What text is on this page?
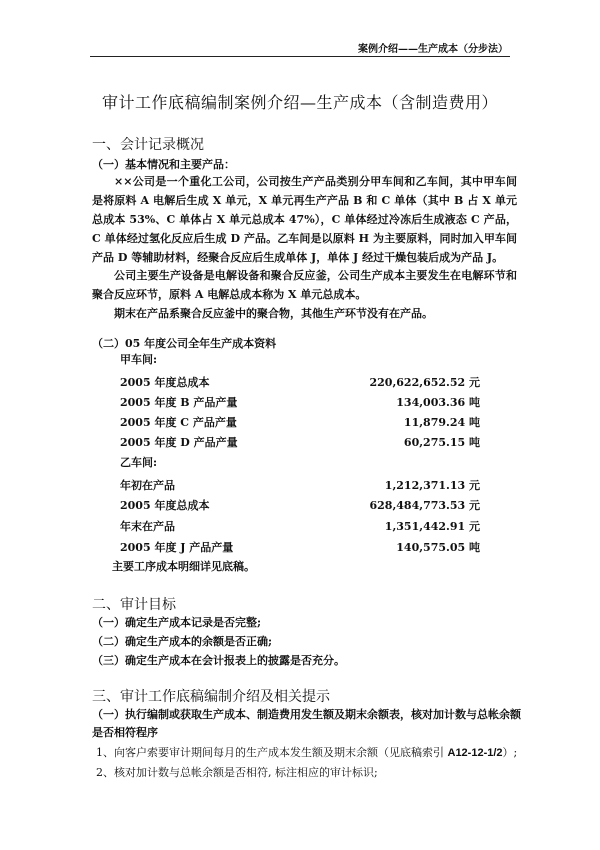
案例介绍——生产成本（分步法）
审计工作底稿编制案例介绍—生产成本（含制造费用）
一、会计记录概况
（一）基本情况和主要产品：
××公司是一个重化工公司，公司按生产产品类别分甲车间和乙车间，其中甲车间是将原料 A 电解后生成 X 单元，X 单元再生产产品 B 和 C 单体（其中 B 占 X 单元总成本 53%、C 单体占 X 单元总成本 47%），C 单体经过冷冻后生成液态 C 产品，C 单体经过氢化反应后生成 D 产品。乙车间是以原料 H 为主要原料，同时加入甲车间产品 D 等辅助材料，经聚合反应后生成单体 J，单体 J 经过干燥包装后成为产品 J。
公司主要生产设备是电解设备和聚合反应釜，公司生产成本主要发生在电解环节和聚合反应环节，原料 A 电解总成本称为 X 单元总成本。
期末在产品系聚合反应釜中的聚合物，其他生产环节没有在产品。
（二）05 年度公司全年生产成本资料
甲车间:
2005 年度总成本	220,622,652.52 元
2005 年度 B 产品产量	134,003.36 吨
2005 年度 C 产品产量	11,879.24 吨
2005 年度 D 产品产量	60,275.15 吨
乙车间:
年初在产品	1,212,371.13 元
2005 年度总成本	628,484,773.53 元
年末在产品	1,351,442.91 元
2005 年度 J 产品产量	140,575.05 吨
主要工序成本明细详见底稿。
二、审计目标
（一）确定生产成本记录是否完整;
（二）确定生产成本的余额是否正确;
（三）确定生产成本在会计报表上的披露是否充分。
三、审计工作底稿编制介绍及相关提示
（一）执行编制或获取生产成本、制造费用发生额及期末余额表，核对加计数与总帐余额
是否相符程序
1、向客户索要审计期间每月的生产成本发生额及期末余额（见底稿索引 A12-12-1/2）;
2、核对加计数与总帐余额是否相符, 标注相应的审计标识;
